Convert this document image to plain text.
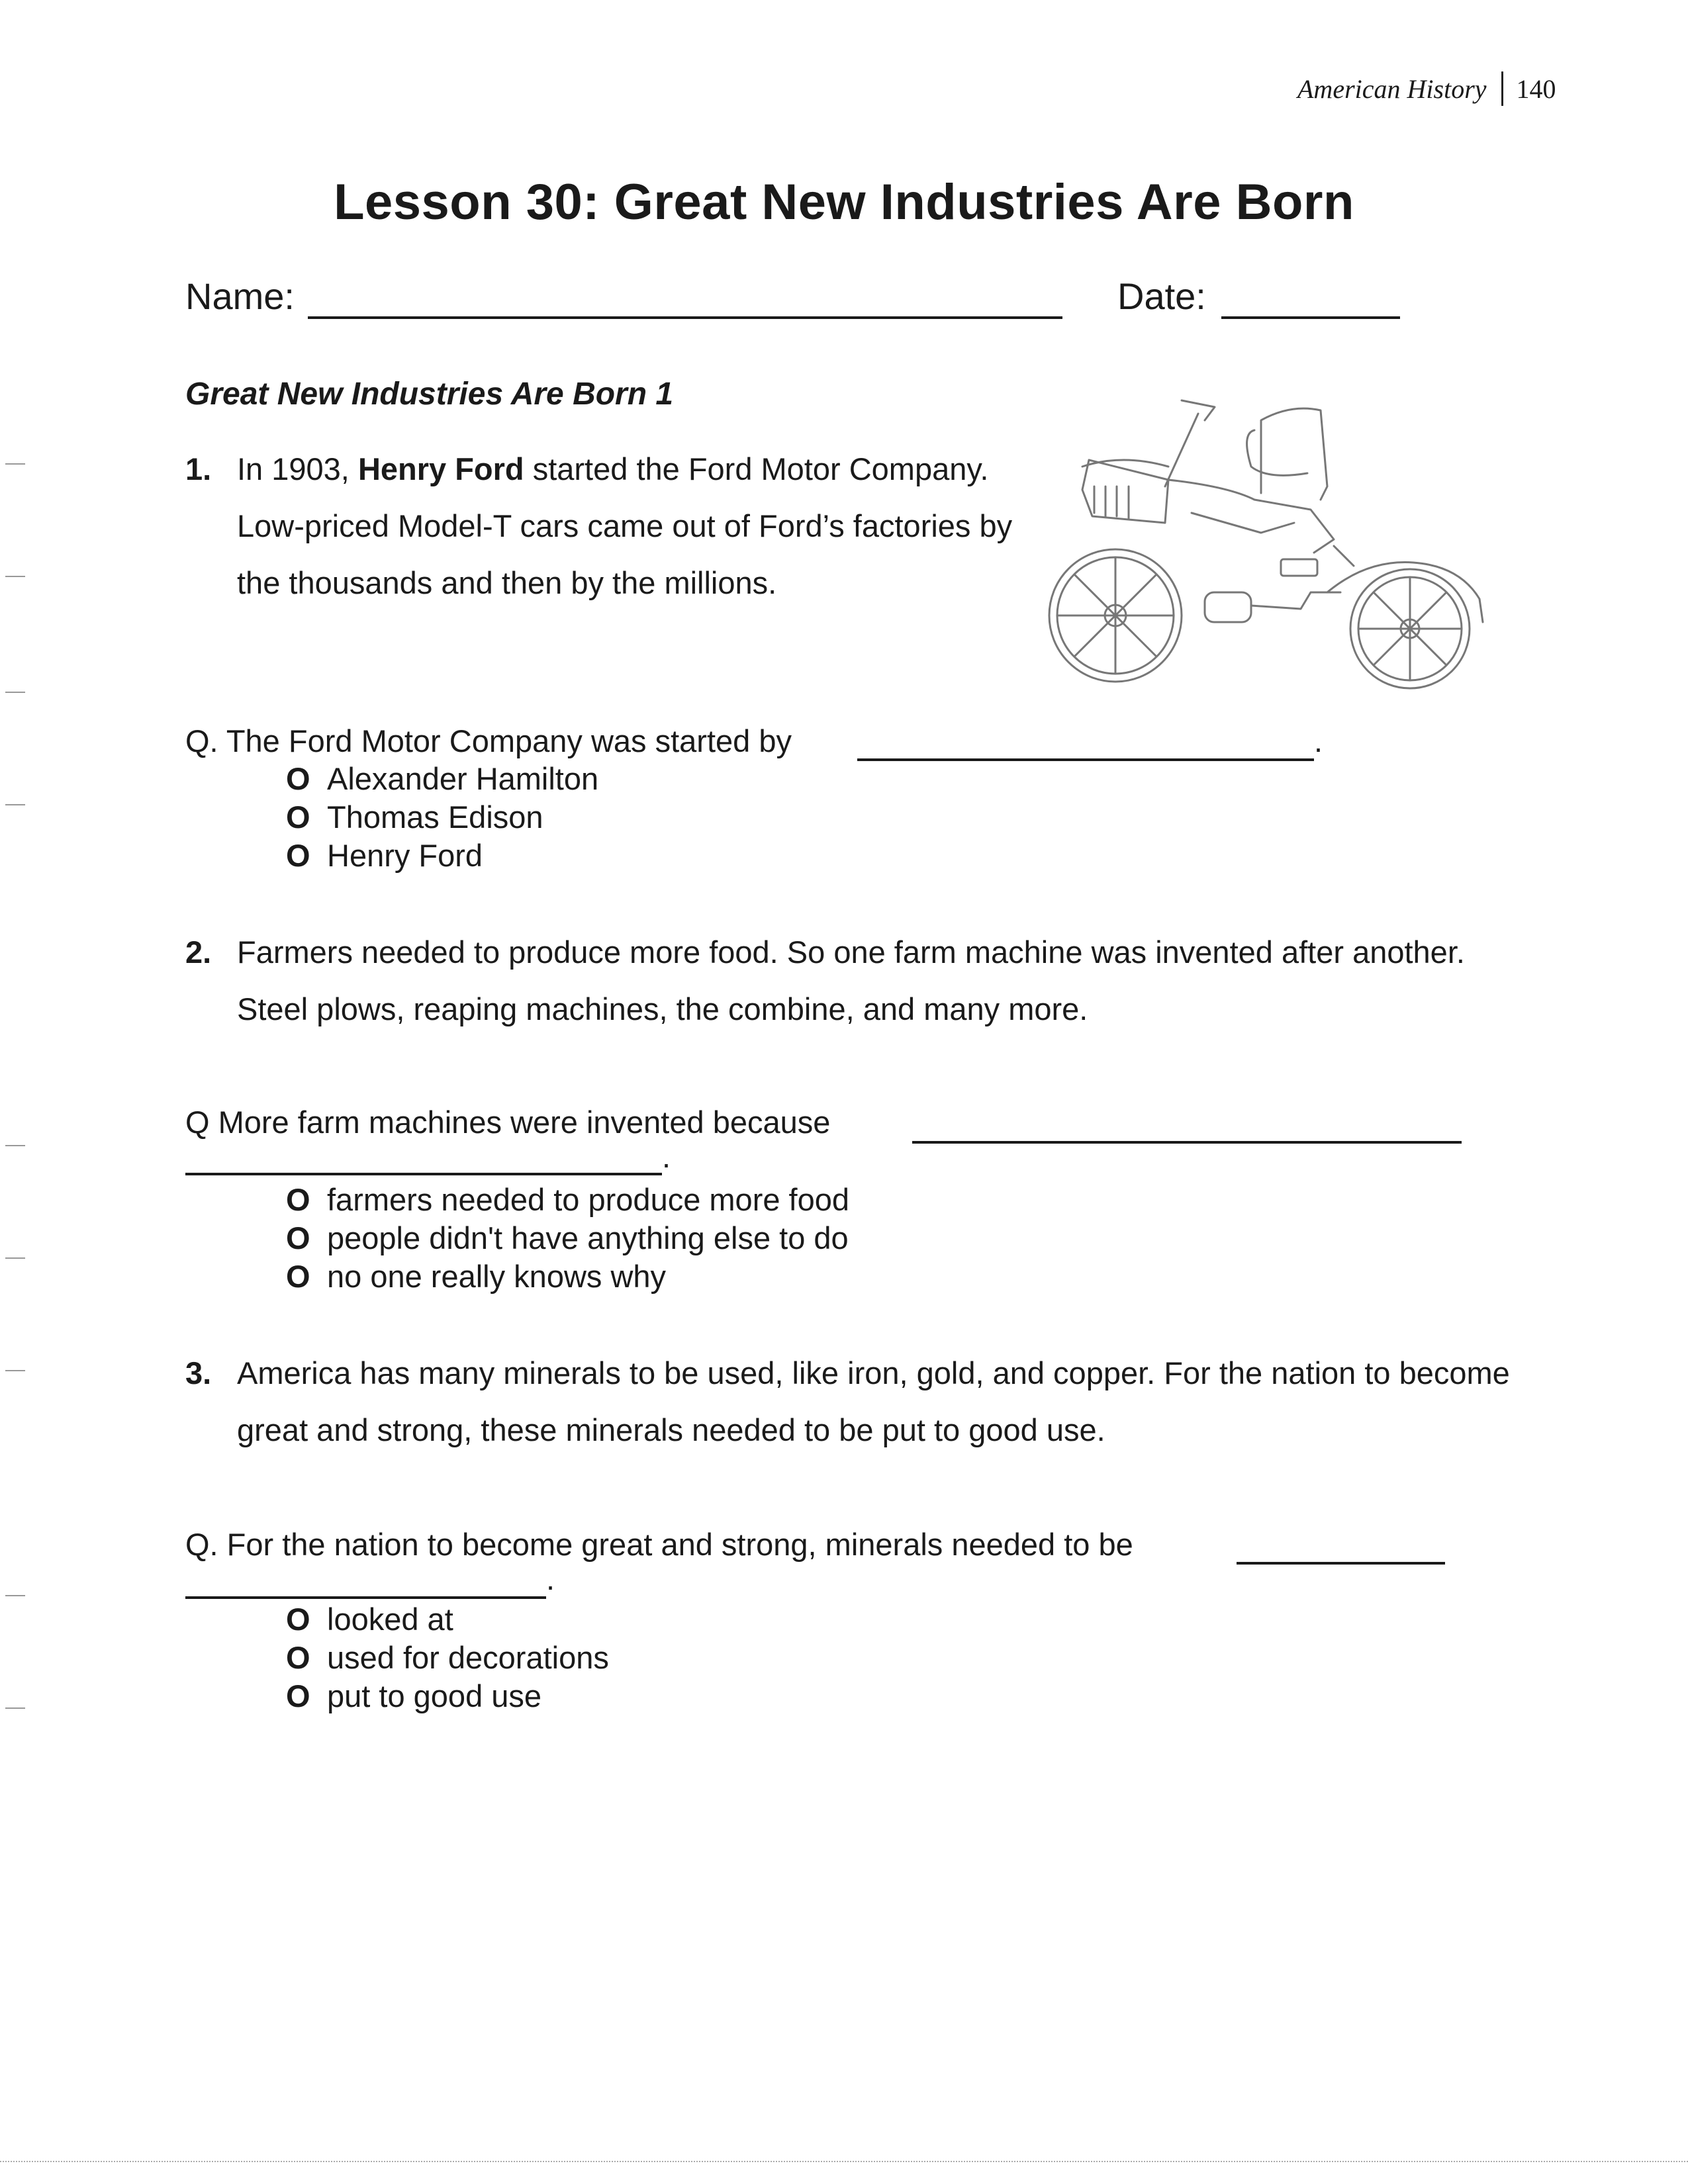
American History 140
Lesson 30: Great New Industries Are Born
Name:	Date:
Great New Industries Are Born 1
1. In 1903, Henry Ford started the Ford Motor Company. Low-priced Model-T cars came out of Ford’s factories by the thousands and then by the millions.
Q. The Ford Motor Company was started by	.
O Alexander Hamilton
O Thomas Edison
O Henry Ford
2. Farmers needed to produce more food. So one farm machine was invented after another. Steel plows, reaping machines, the combine, and many more.
Q More farm machines were invented because
.
O farmers needed to produce more food
O people didn't have anything else to do
O no one really knows why
3. America has many minerals to be used, like iron, gold, and copper. For the nation to become great and strong, these minerals needed to be put to good use.
Q. For the nation to become great and strong, minerals needed to be
.
O looked at
O used for decorations
O put to good use
